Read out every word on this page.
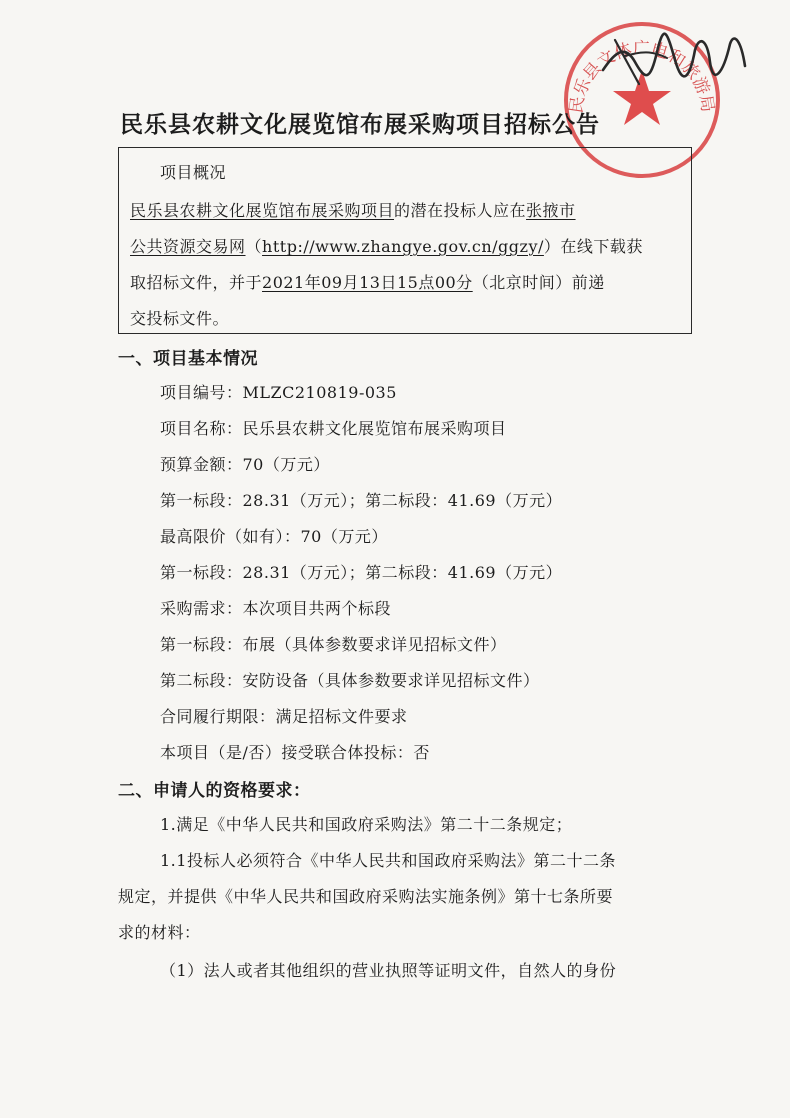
民乐县文体广电和旅游局
民乐县农耕文化展览馆布展采购项目招标公告
项目概况
民乐县农耕文化展览馆布展采购项目的潜在投标人应在张掖市
公共资源交易网（http://www.zhangye.gov.cn/ggzy/）在线下载获
取招标文件，并于2021年09月13日15点00分（北京时间）前递
交投标文件。
一、项目基本情况
项目编号：MLZC210819-035
项目名称：民乐县农耕文化展览馆布展采购项目
预算金额：70（万元）
第一标段：28.31（万元）；第二标段：41.69（万元）
最高限价（如有）：70（万元）
第一标段：28.31（万元）；第二标段：41.69（万元）
采购需求：本次项目共两个标段
第一标段：布展（具体参数要求详见招标文件）
第二标段：安防设备（具体参数要求详见招标文件）
合同履行期限：满足招标文件要求
本项目（是/否）接受联合体投标：否
二、申请人的资格要求：
1.满足《中华人民共和国政府采购法》第二十二条规定；
1.1投标人必须符合《中华人民共和国政府采购法》第二十二条
规定，并提供《中华人民共和国政府采购法实施条例》第十七条所要
求的材料：
（1）法人或者其他组织的营业执照等证明文件，自然人的身份
